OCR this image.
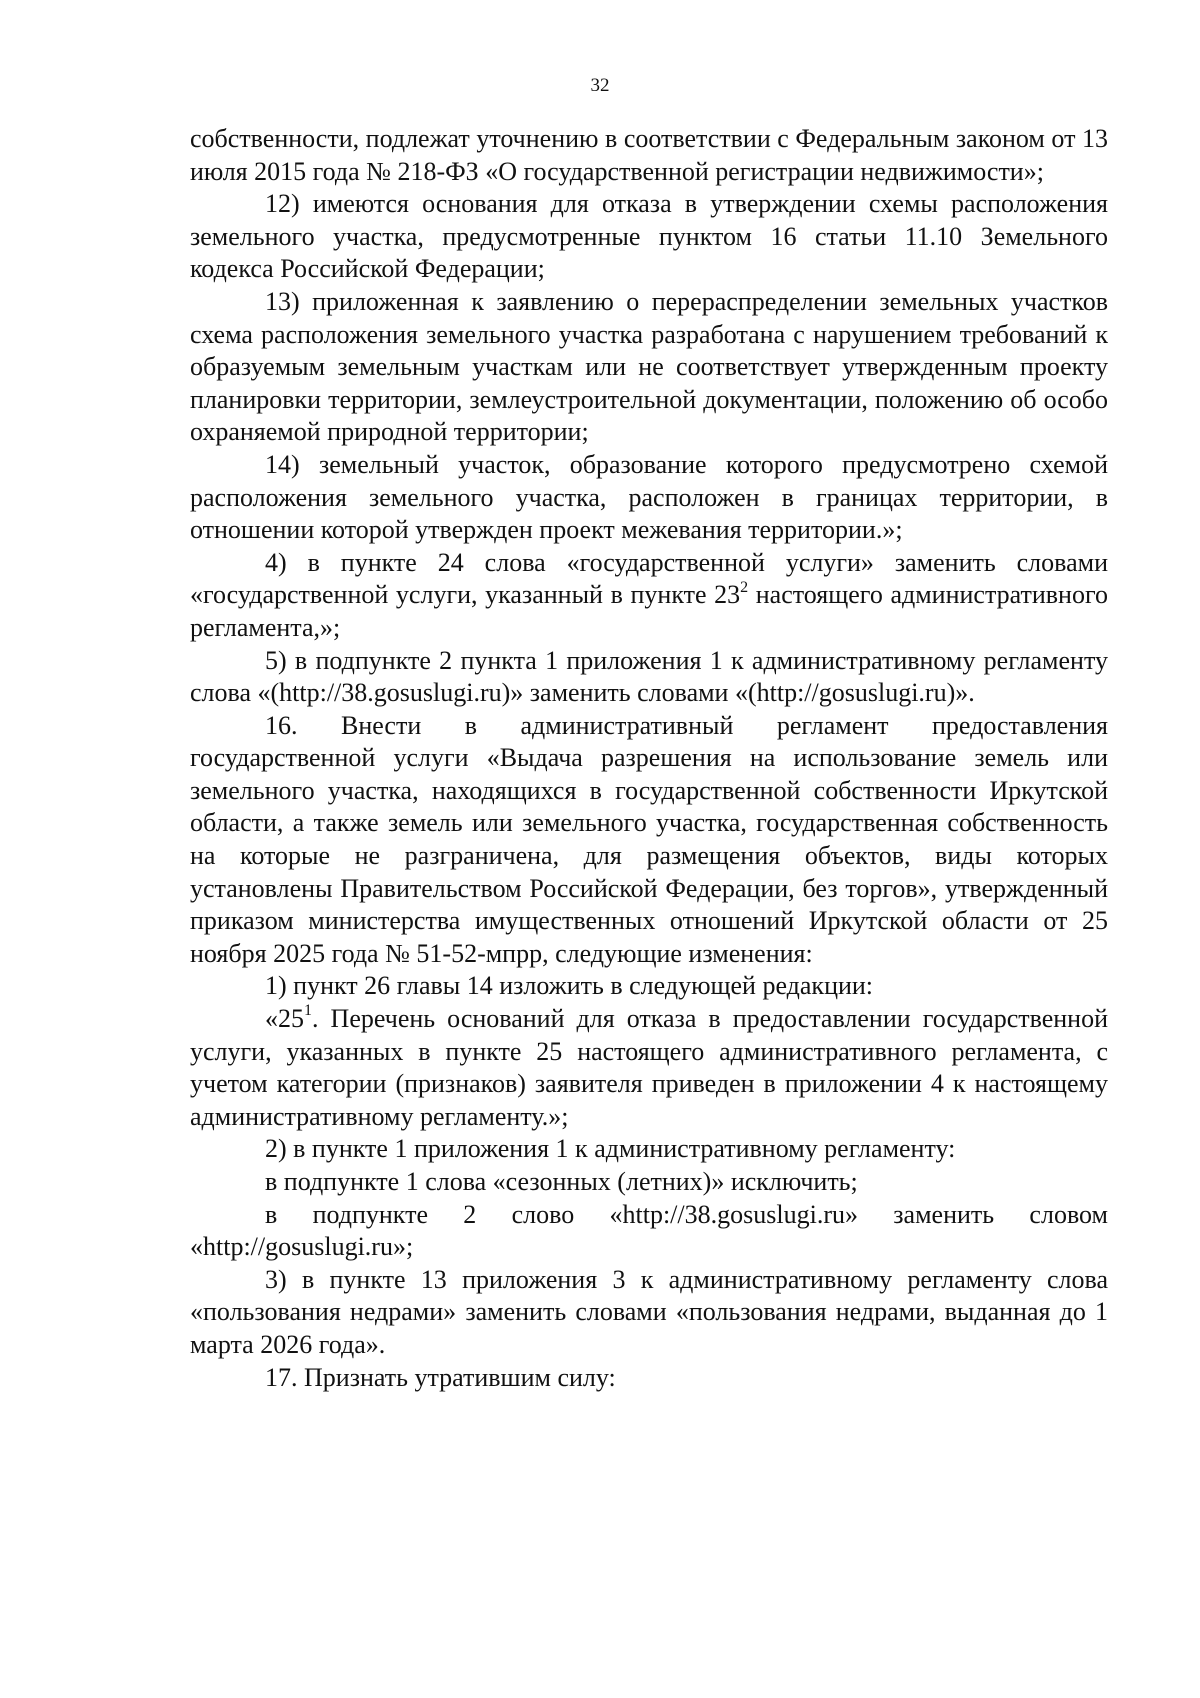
32

собственности, подлежат уточнению в соответствии с Федеральным законом от 13 июля 2015 года № 218-ФЗ «О государственной регистрации недвижимости»;

12) имеются основания для отказа в утверждении схемы расположения земельного участка, предусмотренные пунктом 16 статьи 11.10 Земельного кодекса Российской Федерации;

13) приложенная к заявлению о перераспределении земельных участков схема расположения земельного участка разработана с нарушением требований к образуемым земельным участкам или не соответствует утвержденным проекту планировки территории, землеустроительной документации, положению об особо охраняемой природной территории;

14) земельный участок, образование которого предусмотрено схемой расположения земельного участка, расположен в границах территории, в отношении которой утвержден проект межевания территории.»;

4) в пункте 24 слова «государственной услуги» заменить словами «государственной услуги, указанный в пункте $23^2$ настоящего административного регламента,»;

5) в подпункте 2 пункта 1 приложения 1 к административному регламенту слова «(http://38.gosuslugi.ru)» заменить словами «(http://gosuslugi.ru)».

16. Внести в административный регламент предоставления государственной услуги «Выдача разрешения на использование земель или земельного участка, находящихся в государственной собственности Иркутской области, а также земель или земельного участка, государственная собственность на которые не разграничена, для размещения объектов, виды которых установлены Правительством Российской Федерации, без торгов», утвержденный приказом министерства имущественных отношений Иркутской области от 25 ноября 2025 года № 51-52-мпрр, следующие изменения:

1) пункт 26 главы 14 изложить в следующей редакции:

«$25^1$. Перечень оснований для отказа в предоставлении государственной услуги, указанных в пункте 25 настоящего административного регламента, с учетом категории (признаков) заявителя приведен в приложении 4 к настоящему административному регламенту.»;

2) в пункте 1 приложения 1 к административному регламенту:

в подпункте 1 слова «сезонных (летних)» исключить;

в подпункте 2 слово «http://38.gosuslugi.ru» заменить словом «http://gosuslugi.ru»;

3) в пункте 13 приложения 3 к административному регламенту слова «пользования недрами» заменить словами «пользования недрами, выданная до 1 марта 2026 года».

17. Признать утратившим силу:
